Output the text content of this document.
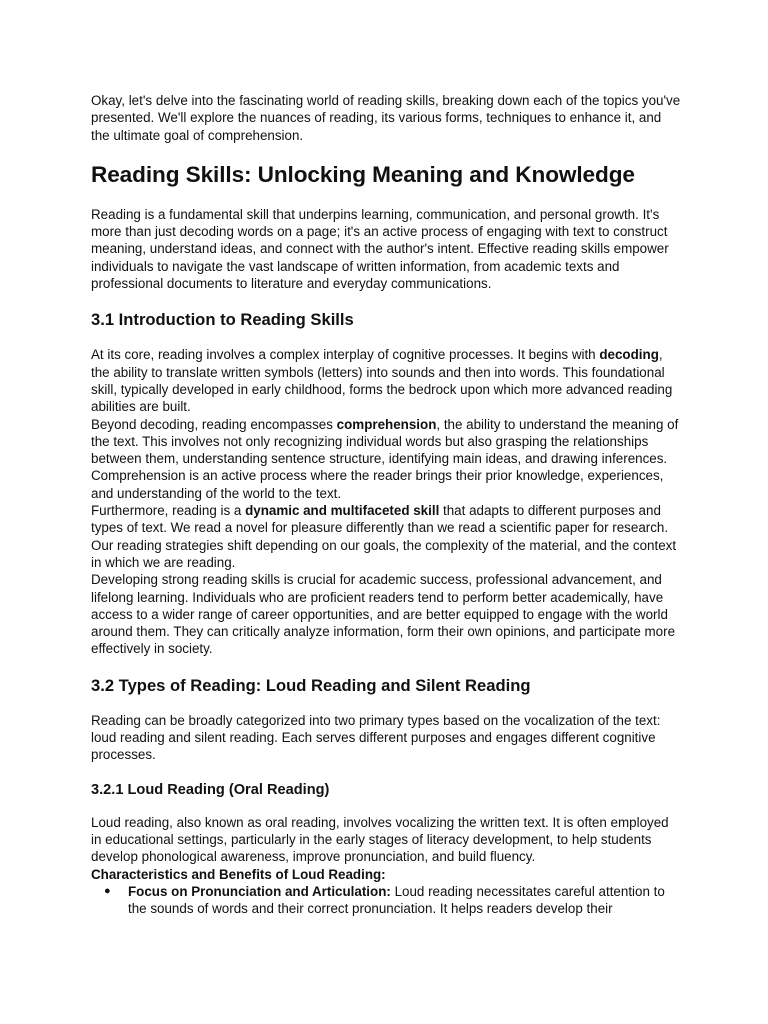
Okay, let's delve into the fascinating world of reading skills, breaking down each of the topics you've presented. We'll explore the nuances of reading, its various forms, techniques to enhance it, and the ultimate goal of comprehension.

Reading Skills: Unlocking Meaning and Knowledge

Reading is a fundamental skill that underpins learning, communication, and personal growth. It's more than just decoding words on a page; it's an active process of engaging with text to construct meaning, understand ideas, and connect with the author's intent. Effective reading skills empower individuals to navigate the vast landscape of written information, from academic texts and professional documents to literature and everyday communications.

3.1 Introduction to Reading Skills

At its core, reading involves a complex interplay of cognitive processes. It begins with decoding, the ability to translate written symbols (letters) into sounds and then into words. This foundational skill, typically developed in early childhood, forms the bedrock upon which more advanced reading abilities are built.

Beyond decoding, reading encompasses comprehension, the ability to understand the meaning of the text. This involves not only recognizing individual words but also grasping the relationships between them, understanding sentence structure, identifying main ideas, and drawing inferences. Comprehension is an active process where the reader brings their prior knowledge, experiences, and understanding of the world to the text.

Furthermore, reading is a dynamic and multifaceted skill that adapts to different purposes and types of text. We read a novel for pleasure differently than we read a scientific paper for research. Our reading strategies shift depending on our goals, the complexity of the material, and the context in which we are reading.

Developing strong reading skills is crucial for academic success, professional advancement, and lifelong learning. Individuals who are proficient readers tend to perform better academically, have access to a wider range of career opportunities, and are better equipped to engage with the world around them. They can critically analyze information, form their own opinions, and participate more effectively in society.

3.2 Types of Reading: Loud Reading and Silent Reading

Reading can be broadly categorized into two primary types based on the vocalization of the text: loud reading and silent reading. Each serves different purposes and engages different cognitive processes.

3.2.1 Loud Reading (Oral Reading)

Loud reading, also known as oral reading, involves vocalizing the written text. It is often employed in educational settings, particularly in the early stages of literacy development, to help students develop phonological awareness, improve pronunciation, and build fluency.

Characteristics and Benefits of Loud Reading:
● Focus on Pronunciation and Articulation: Loud reading necessitates careful attention to the sounds of words and their correct pronunciation. It helps readers develop their
